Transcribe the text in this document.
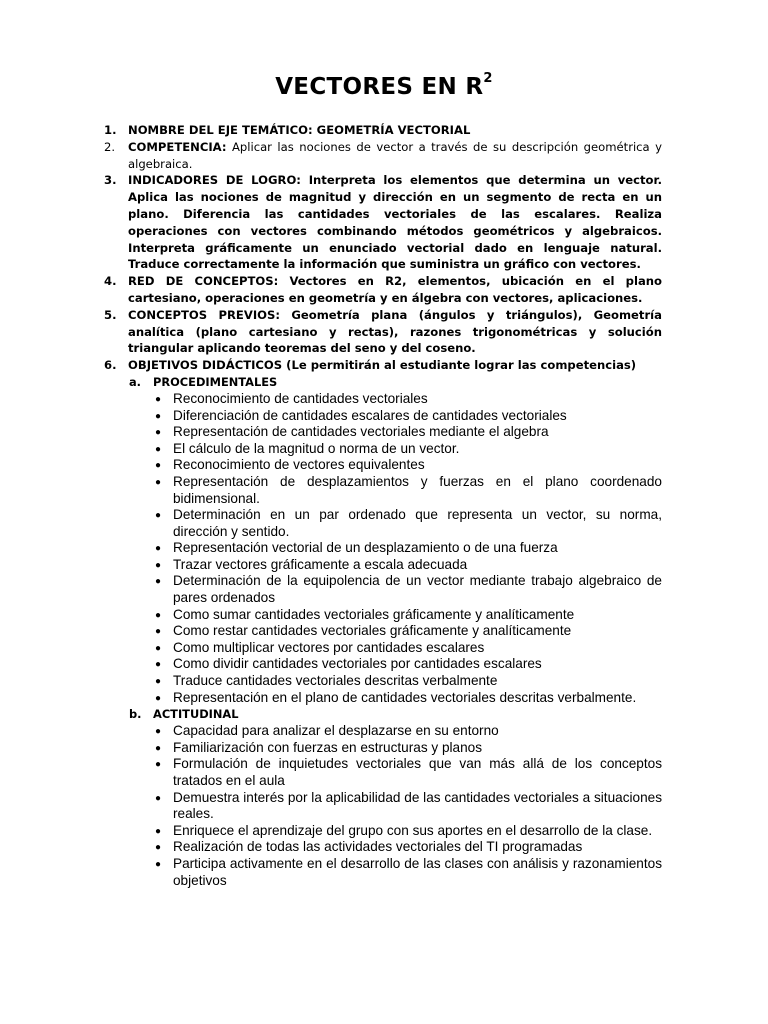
VECTORES EN $R^2$
1. NOMBRE DEL EJE TEMÁTICO: GEOMETRÍA VECTORIAL
2. COMPETENCIA: Aplicar las nociones de vector a través de su descripción geométrica y algebraica.
3. INDICADORES DE LOGRO: Interpreta los elementos que determina un vector. Aplica las nociones de magnitud y dirección en un segmento de recta en un plano. Diferencia las cantidades vectoriales de las escalares. Realiza operaciones con vectores combinando métodos geométricos y algebraicos. Interpreta gráficamente un enunciado vectorial dado en lenguaje natural. Traduce correctamente la información que suministra un gráfico con vectores.
4. RED DE CONCEPTOS: Vectores en R2, elementos, ubicación en el plano cartesiano, operaciones en geometría y en álgebra con vectores, aplicaciones.
5. CONCEPTOS PREVIOS: Geometría plana (ángulos y triángulos), Geometría analítica (plano cartesiano y rectas), razones trigonométricas y solución triangular aplicando teoremas del seno y del coseno.
6. OBJETIVOS DIDÁCTICOS (Le permitirán al estudiante lograr las competencias)
a. PROCEDIMENTALES
● Reconocimiento de cantidades vectoriales
● Diferenciación de cantidades escalares de cantidades vectoriales
● Representación de cantidades vectoriales mediante el algebra
● El cálculo de la magnitud o norma de un vector.
● Reconocimiento de vectores equivalentes
● Representación de desplazamientos y fuerzas en el plano coordenado bidimensional.
● Determinación en un par ordenado que representa un vector, su norma, dirección y sentido.
● Representación vectorial de un desplazamiento o de una fuerza
● Trazar vectores gráficamente a escala adecuada
● Determinación de la equipolencia de un vector mediante trabajo algebraico de pares ordenados
● Como sumar cantidades vectoriales gráficamente y analíticamente
● Como restar cantidades vectoriales gráficamente y analíticamente
● Como multiplicar vectores por cantidades escalares
● Como dividir cantidades vectoriales por cantidades escalares
● Traduce cantidades vectoriales descritas verbalmente
● Representación en el plano de cantidades vectoriales descritas verbalmente.
b. ACTITUDINAL
● Capacidad para analizar el desplazarse en su entorno
● Familiarización con fuerzas en estructuras y planos
● Formulación de inquietudes vectoriales que van más allá de los conceptos tratados en el aula
● Demuestra interés por la aplicabilidad de las cantidades vectoriales a situaciones reales.
● Enriquece el aprendizaje del grupo con sus aportes en el desarrollo de la clase.
● Realización de todas las actividades vectoriales del TI programadas
● Participa activamente en el desarrollo de las clases con análisis y razonamientos objetivos
